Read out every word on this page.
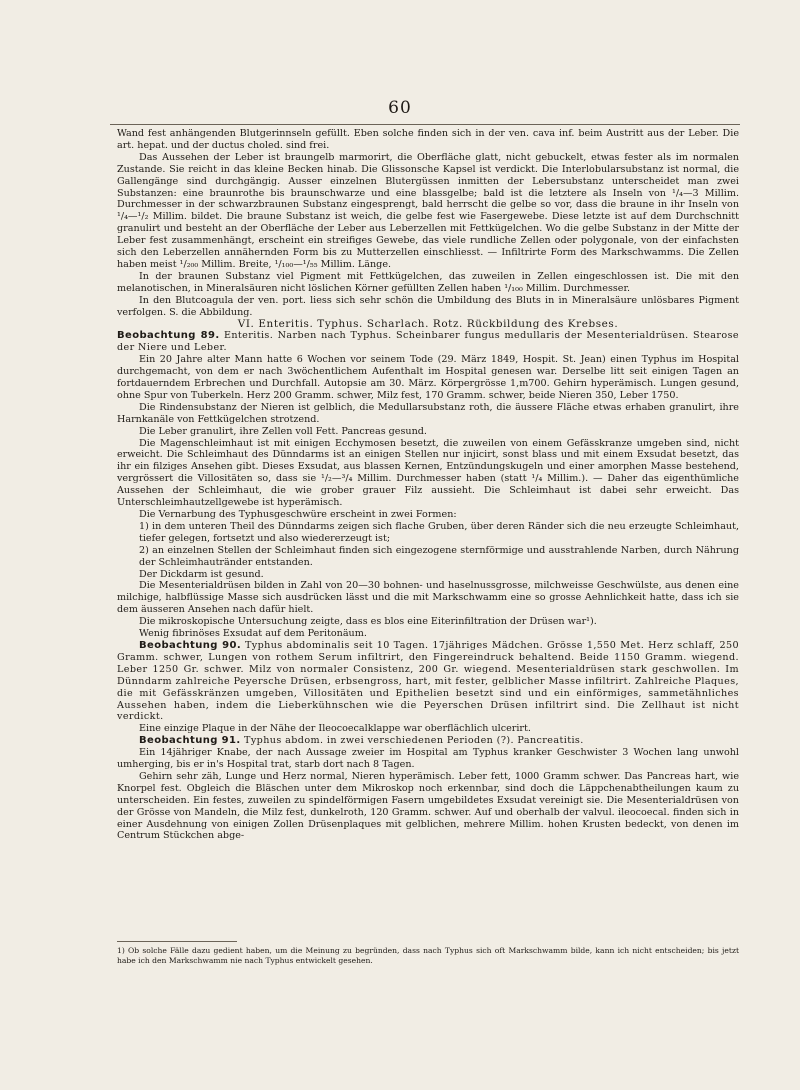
60

Wand fest anhängenden Blutgerinnseln gefüllt. Eben solche finden sich in der ven. cava inf. beim Austritt aus der Leber. Die art. hepat. und der ductus choled. sind frei.

Das Aussehen der Leber ist braungelb marmorirt, die Oberfläche glatt, nicht gebuckelt, etwas fester als im normalen Zustande. Sie reicht in das kleine Becken hinab. Die Glissonsche Kapsel ist verdickt. Die Interlobularsubstanz ist normal, die Gallengänge sind durchgängig. Ausser einzelnen Blutergüssen inmitten der Lebersubstanz unterscheidet man zwei Substanzen: eine braunrothe bis braunschwarze und eine blassgelbe; bald ist die letztere als Inseln von ¹/₄—3 Millim. Durchmesser in der schwarzbraunen Substanz eingesprengt, bald herrscht die gelbe so vor, dass die braune in ihr Inseln von ¹/₄—¹/₂ Millim. bildet. Die braune Substanz ist weich, die gelbe fest wie Fasergewebe. Diese letzte ist auf dem Durchschnitt granulirt und besteht an der Oberfläche der Leber aus Leberzellen mit Fettkügelchen. Wo die gelbe Substanz in der Mitte der Leber fest zusammenhängt, erscheint ein streifiges Gewebe, das viele rundliche Zellen oder polygonale, von der einfachsten sich den Leberzellen annähernden Form bis zu Mutterzellen einschliesst. — Infiltrirte Form des Markschwamms. Die Zellen haben meist ¹/₂₀₀ Millim. Breite, ¹/₁₀₀—¹/₅₅ Millim. Länge.

In der braunen Substanz viel Pigment mit Fettkügelchen, das zuweilen in Zellen eingeschlossen ist. Die mit den melanotischen, in Mineralsäuren nicht löslichen Körner gefüllten Zellen haben ¹/₁₀₀ Millim. Durchmesser.

In den Blutcoagula der ven. port. liess sich sehr schön die Umbildung des Bluts in in Mineralsäure unlösbares Pigment verfolgen. S. die Abbildung.

VI. Enteritis. Typhus. Scharlach. Rotz. Rückbildung des Krebses.

Beobachtung 89. Enteritis. Narben nach Typhus. Scheinbarer fungus medullaris der Mesenterialdrüsen. Stearose der Niere und Leber.

Ein 20 Jahre alter Mann hatte 6 Wochen vor seinem Tode (29. März 1849, Hospit. St. Jean) einen Typhus im Hospital durchgemacht, von dem er nach 3wöchentlichem Aufenthalt im Hospital genesen war. Derselbe litt seit einigen Tagen an fortdauerndem Erbrechen und Durchfall. Autopsie am 30. März. Körpergrösse 1,m700. Gehirn hyperämisch. Lungen gesund, ohne Spur von Tuberkeln. Herz 200 Gramm. schwer, Milz fest, 170 Gramm. schwer, beide Nieren 350, Leber 1750.

Die Rindensubstanz der Nieren ist gelblich, die Medullarsubstanz roth, die äussere Fläche etwas erhaben granulirt, ihre Harnkanäle von Fettkügelchen strotzend.

Die Leber granulirt, ihre Zellen voll Fett. Pancreas gesund.

Die Magenschleimhaut ist mit einigen Ecchymosen besetzt, die zuweilen von einem Gefässkranze umgeben sind, nicht erweicht. Die Schleimhaut des Dünndarms ist an einigen Stellen nur injicirt, sonst blass und mit einem Exsudat besetzt, das ihr ein filziges Ansehen gibt. Dieses Exsudat, aus blassen Kernen, Entzündungskugeln und einer amorphen Masse bestehend, vergrössert die Villositäten so, dass sie ¹/₂—³/₄ Millim. Durchmesser haben (statt ¹/₄ Millim.). — Daher das eigenthümliche Aussehen der Schleimhaut, die wie grober grauer Filz aussieht. Die Schleimhaut ist dabei sehr erweicht. Das Unterschleimhautzellgewebe ist hyperämisch.

Die Vernarbung des Typhusgeschwüre erscheint in zwei Formen:

1) in dem unteren Theil des Dünndarms zeigen sich flache Gruben, über deren Ränder sich die neu erzeugte Schleimhaut, tiefer gelegen, fortsetzt und also wiedererzeugt ist;

2) an einzelnen Stellen der Schleimhaut finden sich eingezogene sternförmige und ausstrahlende Narben, durch Nährung der Schleimhautränder entstanden.

Der Dickdarm ist gesund.

Die Mesenterialdrüsen bilden in Zahl von 20—30 bohnen- und haselnussgrosse, milchweisse Geschwülste, aus denen eine milchige, halbflüssige Masse sich ausdrücken lässt und die mit Markschwamm eine so grosse Aehnlichkeit hatte, dass ich sie dem äusseren Ansehen nach dafür hielt.

Die mikroskopische Untersuchung zeigte, dass es blos eine Eiterinfiltration der Drüsen war¹).

Wenig fibrinöses Exsudat auf dem Peritonäum.

Beobachtung 90. Typhus abdominalis seit 10 Tagen. 17jähriges Mädchen. Grösse 1,550 Met. Herz schlaff, 250 Gramm. schwer, Lungen von rothem Serum infiltrirt, den Fingereindruck behaltend. Beide 1150 Gramm. wiegend. Leber 1250 Gr. schwer. Milz von normaler Consistenz, 200 Gr. wiegend. Mesenterialdrüsen stark geschwollen. Im Dünndarm zahlreiche Peyersche Drüsen, erbsengross, hart, mit fester, gelblicher Masse infiltrirt. Zahlreiche Plaques, die mit Gefässkränzen umgeben, Villositäten und Epithelien besetzt sind und ein einförmiges, sammetähnliches Aussehen haben, indem die Lieberkühnschen wie die Peyerschen Drüsen infiltrirt sind. Die Zellhaut ist nicht verdickt.

Eine einzige Plaque in der Nähe der Ileocoecalklappe war oberflächlich ulcerirt.

Beobachtung 91. Typhus abdom. in zwei verschiedenen Perioden (?). Pancreatitis.

Ein 14jähriger Knabe, der nach Aussage zweier im Hospital am Typhus kranker Geschwister 3 Wochen lang unwohl umherging, bis er in's Hospital trat, starb dort nach 8 Tagen.

Gehirn sehr zäh, Lunge und Herz normal, Nieren hyperämisch. Leber fett, 1000 Gramm schwer. Das Pancreas hart, wie Knorpel fest. Obgleich die Bläschen unter dem Mikroskop noch erkennbar, sind doch die Läppchenabtheilungen kaum zu unterscheiden. Ein festes, zuweilen zu spindelförmigen Fasern umgebildetes Exsudat vereinigt sie. Die Mesenterialdrüsen von der Grösse von Mandeln, die Milz fest, dunkelroth, 120 Gramm. schwer. Auf und oberhalb der valvul. ileocoecal. finden sich in einer Ausdehnung von einigen Zollen Drüsenplaques mit gelblichen, mehrere Millim. hohen Krusten bedeckt, von denen im Centrum Stückchen abge-

1) Ob solche Fälle dazu gedient haben, um die Meinung zu begründen, dass nach Typhus sich oft Markschwamm bilde, kann ich nicht entscheiden; bis jetzt habe ich den Markschwamm nie nach Typhus entwickelt gesehen.
